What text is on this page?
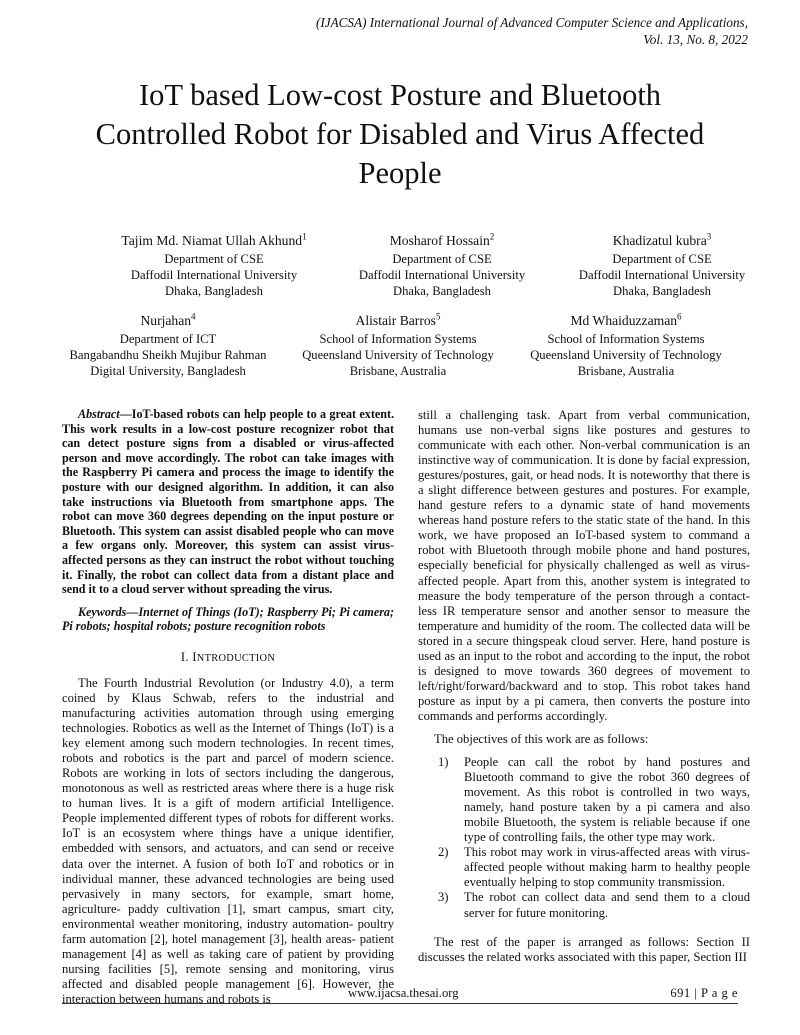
(IJACSA) International Journal of Advanced Computer Science and Applications,
Vol. 13, No. 8, 2022
IoT based Low-cost Posture and Bluetooth
Controlled Robot for Disabled and Virus Affected
People
Tajim Md. Niamat Ullah Akhund$^1$
Department of CSE
Daffodil International University
Dhaka, Bangladesh
Mosharof Hossain$^2$
Department of CSE
Daffodil International University
Dhaka, Bangladesh
Khadizatul kubra$^3$
Department of CSE
Daffodil International University
Dhaka, Bangladesh
Nurjahan$^4$
Department of ICT
Bangabandhu Sheikh Mujibur Rahman
Digital University, Bangladesh
Alistair Barros$^5$
School of Information Systems
Queensland University of Technology
Brisbane, Australia
Md Whaiduzzaman$^6$
School of Information Systems
Queensland University of Technology
Brisbane, Australia

Abstract—IoT-based robots can help people to a great extent. This work results in a low-cost posture recognizer robot that can detect posture signs from a disabled or virus-affected person and move accordingly. The robot can take images with the Raspberry Pi camera and process the image to identify the posture with our designed algorithm. In addition, it can also take instructions via Bluetooth from smartphone apps. The robot can move 360 degrees depending on the input posture or Bluetooth. This system can assist disabled people who can move a few organs only. Moreover, this system can assist virus-affected persons as they can instruct the robot without touching it. Finally, the robot can collect data from a distant place and send it to a cloud server without spreading the virus.

Keywords—Internet of Things (IoT); Raspberry Pi; Pi camera; Pi robots; hospital robots; posture recognition robots

I. INTRODUCTION

The Fourth Industrial Revolution (or Industry 4.0), a term coined by Klaus Schwab, refers to the industrial and manufacturing activities automation through using emerging technologies. Robotics as well as the Internet of Things (IoT) is a key element among such modern technologies. In recent times, robots and robotics is the part and parcel of modern science. Robots are working in lots of sectors including the dangerous, monotonous as well as restricted areas where there is a huge risk to human lives. It is a gift of modern artificial Intelligence. People implemented different types of robots for different works. IoT is an ecosystem where things have a unique identifier, embedded with sensors, and actuators, and can send or receive data over the internet. A fusion of both IoT and robotics or in individual manner, these advanced technologies are being used pervasively in many sectors, for example, smart home, agriculture- paddy cultivation [1], smart campus, smart city, environmental weather monitoring, industry automation- poultry farm automation [2], hotel management [3], health areas- patient management [4] as well as taking care of patient by providing nursing facilities [5], remote sensing and monitoring, virus affected and disabled people management [6]. However, the interaction between humans and robots is

still a challenging task. Apart from verbal communication, humans use non-verbal signs like postures and gestures to communicate with each other. Non-verbal communication is an instinctive way of communication. It is done by facial expression, gestures/postures, gait, or head nods. It is noteworthy that there is a slight difference between gestures and postures. For example, hand gesture refers to a dynamic state of hand movements whereas hand posture refers to the static state of the hand. In this work, we have proposed an IoT-based system to command a robot with Bluetooth through mobile phone and hand postures, especially beneficial for physically challenged as well as virus-affected people. Apart from this, another system is integrated to measure the body temperature of the person through a contact-less IR temperature sensor and another sensor to measure the temperature and humidity of the room. The collected data will be stored in a secure thingspeak cloud server. Here, hand posture is used as an input to the robot and according to the input, the robot is designed to move towards 360 degrees of movement to left/right/forward/backward and to stop. This robot takes hand posture as input by a pi camera, then converts the posture into commands and performs accordingly.

The objectives of this work are as follows:

1)	People can call the robot by hand postures and Bluetooth command to give the robot 360 degrees of movement. As this robot is controlled in two ways, namely, hand posture taken by a pi camera and also mobile Bluetooth, the system is reliable because if one type of controlling fails, the other type may work.
2)	This robot may work in virus-affected areas with virus-affected people without making harm to healthy people eventually helping to stop community transmission.
3)	The robot can collect data and send them to a cloud server for future monitoring.

The rest of the paper is arranged as follows: Section II discusses the related works associated with this paper, Section III

www.ijacsa.thesai.org	691 | P a g e
